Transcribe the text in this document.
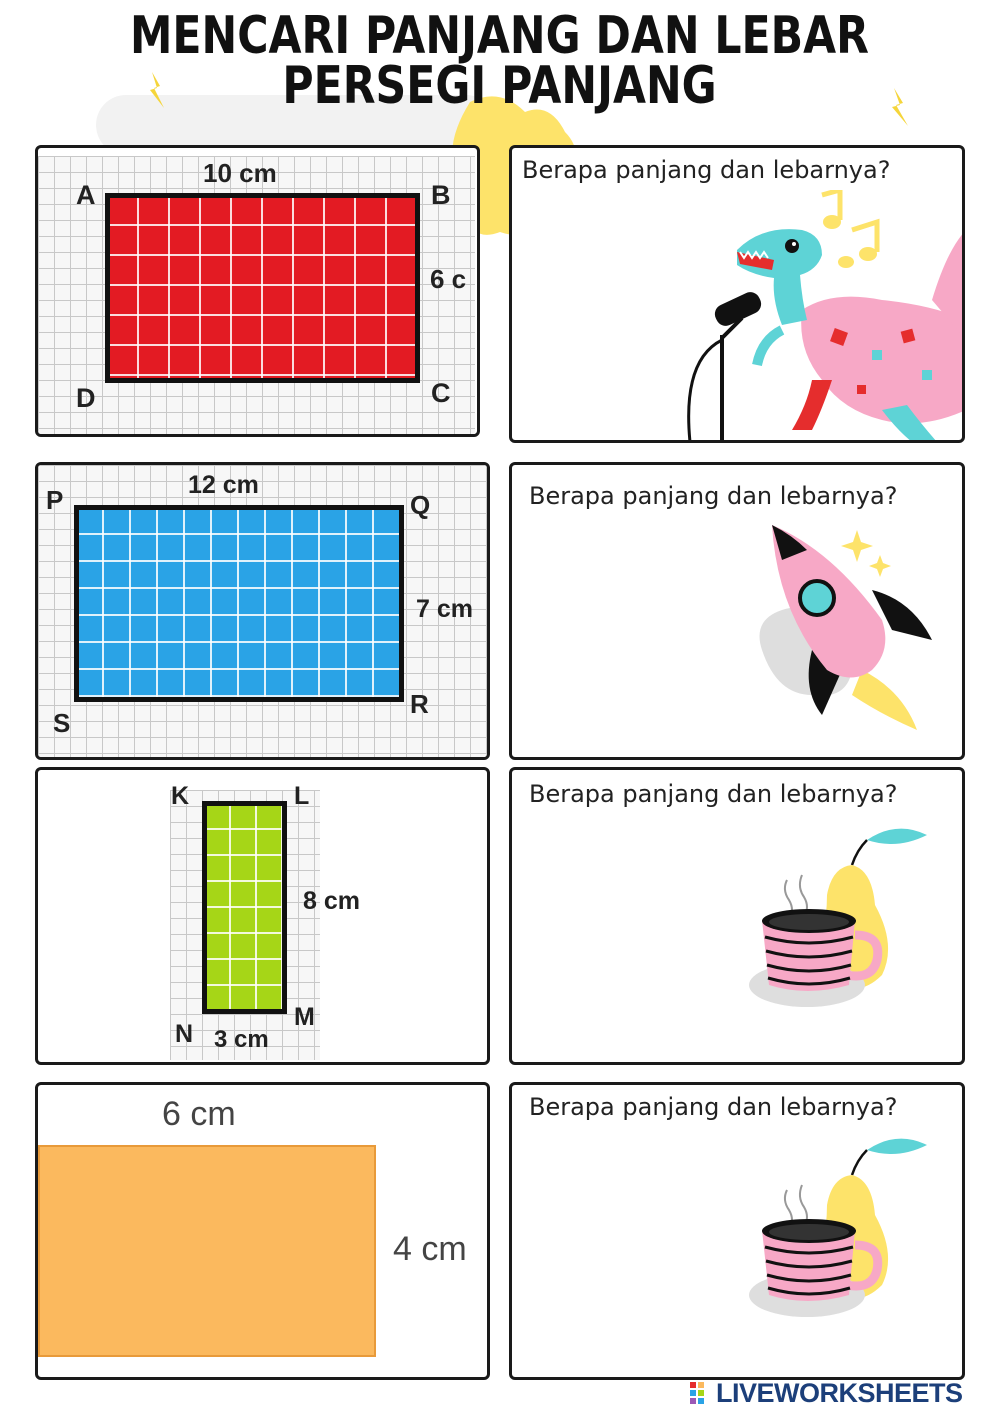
MENCARI PANJANG DAN LEBAR
PERSEGI PANJANG
10 cm
A	B
C
D
6 c
Berapa panjang dan lebarnya?
12 cm
P	Q
R
S
7 cm
Berapa panjang dan lebarnya?
K	L
M
N
8 cm
3 cm
Berapa panjang dan lebarnya?
6 cm
4 cm
Berapa panjang dan lebarnya?
LIVEWORKSHEETS
